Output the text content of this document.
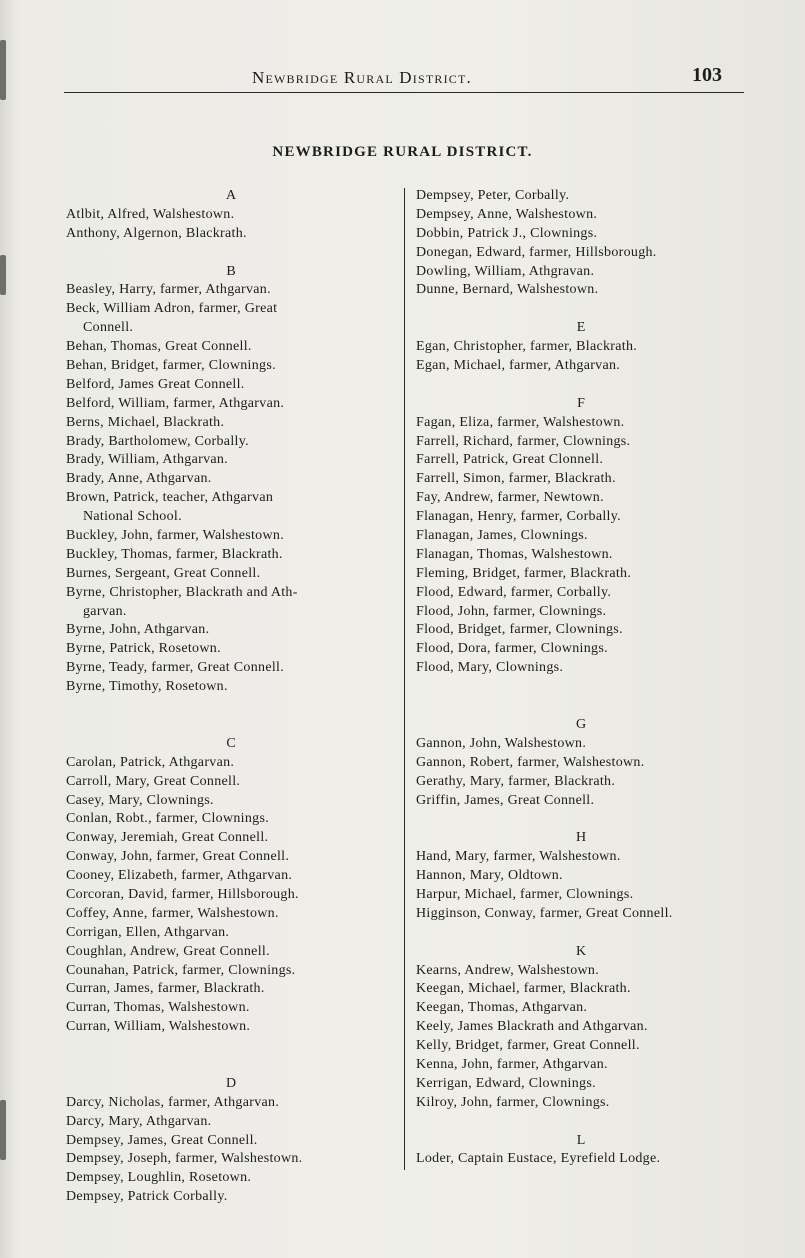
Newbridge Rural District.	103
NEWBRIDGE RURAL DISTRICT.
A
Atlbit, Alfred, Walshestown.
Anthony, Algernon, Blackrath.
B
Beasley, Harry, farmer, Athgarvan.
Beck, William Adron, farmer, Great
Connell.
Behan, Thomas, Great Connell.
Behan, Bridget, farmer, Clownings.
Belford, James Great Connell.
Belford, William, farmer, Athgarvan.
Berns, Michael, Blackrath.
Brady, Bartholomew, Corbally.
Brady, William, Athgarvan.
Brady, Anne, Athgarvan.
Brown, Patrick, teacher, Athgarvan
National School.
Buckley, John, farmer, Walshestown.
Buckley, Thomas, farmer, Blackrath.
Burnes, Sergeant, Great Connell.
Byrne, Christopher, Blackrath and Ath-
garvan.
Byrne, John, Athgarvan.
Byrne, Patrick, Rosetown.
Byrne, Teady, farmer, Great Connell.
Byrne, Timothy, Rosetown.
C
Carolan, Patrick, Athgarvan.
Carroll, Mary, Great Connell.
Casey, Mary, Clownings.
Conlan, Robt., farmer, Clownings.
Conway, Jeremiah, Great Connell.
Conway, John, farmer, Great Connell.
Cooney, Elizabeth, farmer, Athgarvan.
Corcoran, David, farmer, Hillsborough.
Coffey, Anne, farmer, Walshestown.
Corrigan, Ellen, Athgarvan.
Coughlan, Andrew, Great Connell.
Counahan, Patrick, farmer, Clownings.
Curran, James, farmer, Blackrath.
Curran, Thomas, Walshestown.
Curran, William, Walshestown.
D
Darcy, Nicholas, farmer, Athgarvan.
Darcy, Mary, Athgarvan.
Dempsey, James, Great Connell.
Dempsey, Joseph, farmer, Walshestown.
Dempsey, Loughlin, Rosetown.
Dempsey, Patrick Corbally.
Dempsey, Peter, Corbally.
Dempsey, Anne, Walshestown.
Dobbin, Patrick J., Clownings.
Donegan, Edward, farmer, Hillsborough.
Dowling, William, Athgravan.
Dunne, Bernard, Walshestown.
E
Egan, Christopher, farmer, Blackrath.
Egan, Michael, farmer, Athgarvan.
F
Fagan, Eliza, farmer, Walshestown.
Farrell, Richard, farmer, Clownings.
Farrell, Patrick, Great Clonnell.
Farrell, Simon, farmer, Blackrath.
Fay, Andrew, farmer, Newtown.
Flanagan, Henry, farmer, Corbally.
Flanagan, James, Clownings.
Flanagan, Thomas, Walshestown.
Fleming, Bridget, farmer, Blackrath.
Flood, Edward, farmer, Corbally.
Flood, John, farmer, Clownings.
Flood, Bridget, farmer, Clownings.
Flood, Dora, farmer, Clownings.
Flood, Mary, Clownings.
G
Gannon, John, Walshestown.
Gannon, Robert, farmer, Walshestown.
Gerathy, Mary, farmer, Blackrath.
Griffin, James, Great Connell.
H
Hand, Mary, farmer, Walshestown.
Hannon, Mary, Oldtown.
Harpur, Michael, farmer, Clownings.
Higginson, Conway, farmer, Great Connell.
K
Kearns, Andrew, Walshestown.
Keegan, Michael, farmer, Blackrath.
Keegan, Thomas, Athgarvan.
Keely, James Blackrath and Athgarvan.
Kelly, Bridget, farmer, Great Connell.
Kenna, John, farmer, Athgarvan.
Kerrigan, Edward, Clownings.
Kilroy, John, farmer, Clownings.
L
Loder, Captain Eustace, Eyrefield Lodge.
